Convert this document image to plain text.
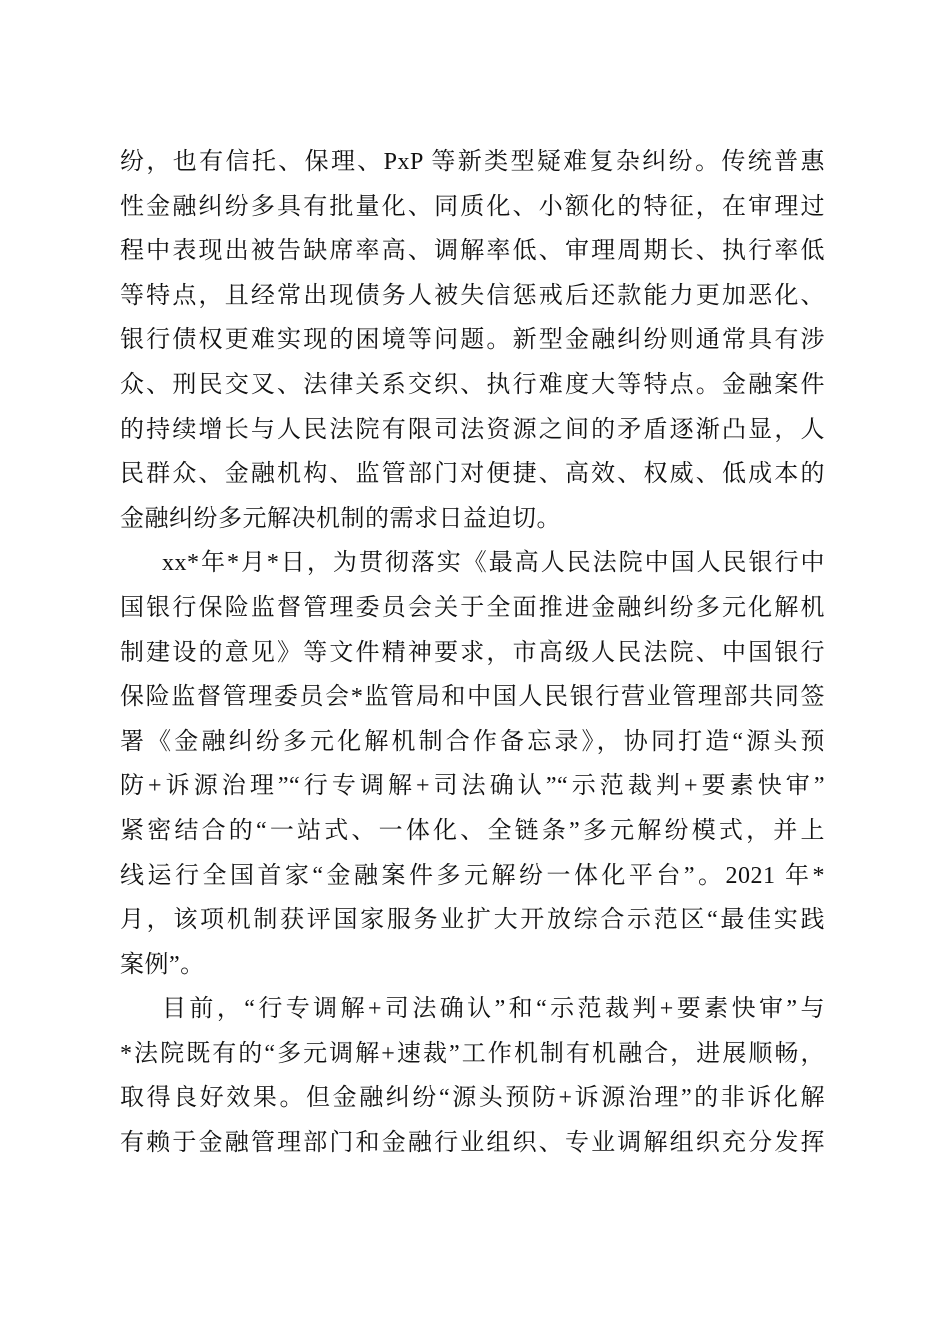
纷，也有信托、保理、PxP 等新类型疑难复杂纠纷。传统普惠
性金融纠纷多具有批量化、同质化、小额化的特征，在审理过
程中表现出被告缺席率高、调解率低、审理周期长、执行率低
等特点，且经常出现债务人被失信惩戒后还款能力更加恶化、
银行债权更难实现的困境等问题。新型金融纠纷则通常具有涉
众、刑民交叉、法律关系交织、执行难度大等特点。金融案件
的持续增长与人民法院有限司法资源之间的矛盾逐渐凸显，人
民群众、金融机构、监管部门对便捷、高效、权威、低成本的
金融纠纷多元解决机制的需求日益迫切。
xx*年*月*日，为贯彻落实《最高人民法院中国人民银行中
国银行保险监督管理委员会关于全面推进金融纠纷多元化解机
制建设的意见》等文件精神要求，市高级人民法院、中国银行
保险监督管理委员会*监管局和中国人民银行营业管理部共同签
署《金融纠纷多元化解机制合作备忘录》，协同打造“源头预
防+诉源治理”“行专调解+司法确认”“示范裁判+要素快审”
紧密结合的“一站式、一体化、全链条”多元解纷模式，并上
线运行全国首家“金融案件多元解纷一体化平台”。2021 年*
月，该项机制获评国家服务业扩大开放综合示范区“最佳实践
案例”。
目前，“行专调解+司法确认”和“示范裁判+要素快审”与
*法院既有的“多元调解+速裁”工作机制有机融合，进展顺畅，
取得良好效果。但金融纠纷“源头预防+诉源治理”的非诉化解
有赖于金融管理部门和金融行业组织、专业调解组织充分发挥
